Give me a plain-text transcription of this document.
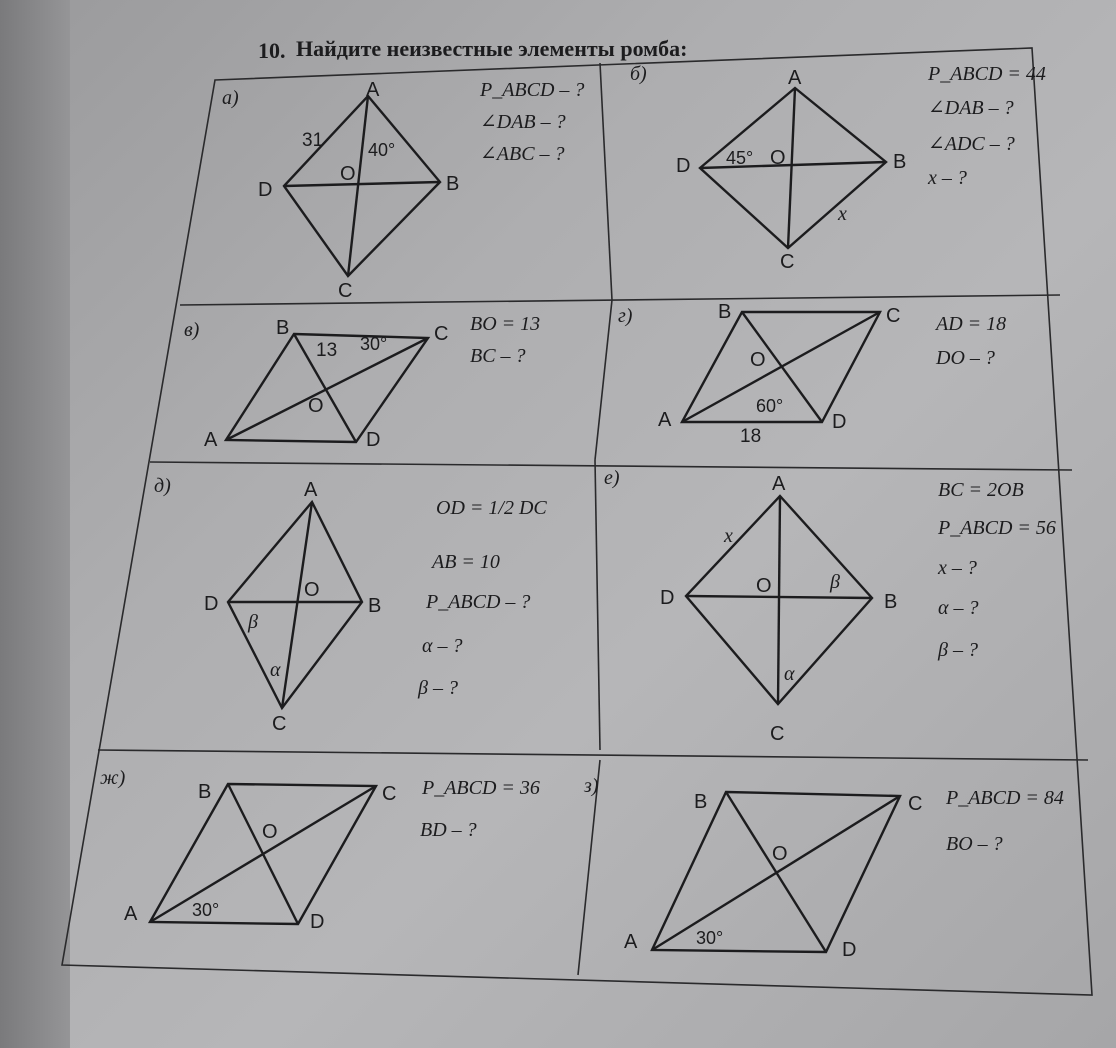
10. Найдите неизвестные элементы ромба:
а)	A
B
C
D
O
31 40°
P_ABCD – ?
∠DAB – ?
∠ABC – ?
б)	A
B
C
D	O
45°
x
P_ABCD = 44
∠DAB – ?
∠ADC – ?
x – ?
в)	B	C
D
A
O
13 30°
BO = 13
BC – ?
г)	B	C
D
A
O
60°
18
AD = 18
DO – ?
д)	A
B
C
D
O
β
α
OD = 1/2 DC
AB = 10
P_ABCD – ?
α – ?
β – ?
е)	A
B
C
D
O
x
β
α
BC = 2OB
P_ABCD = 56
x – ?
α – ?
β – ?
ж)
B	C
D
A
O
30°
P_ABCD = 36
BD – ?
з)
B	C
D
A
O
30°
P_ABCD = 84
BO – ?
